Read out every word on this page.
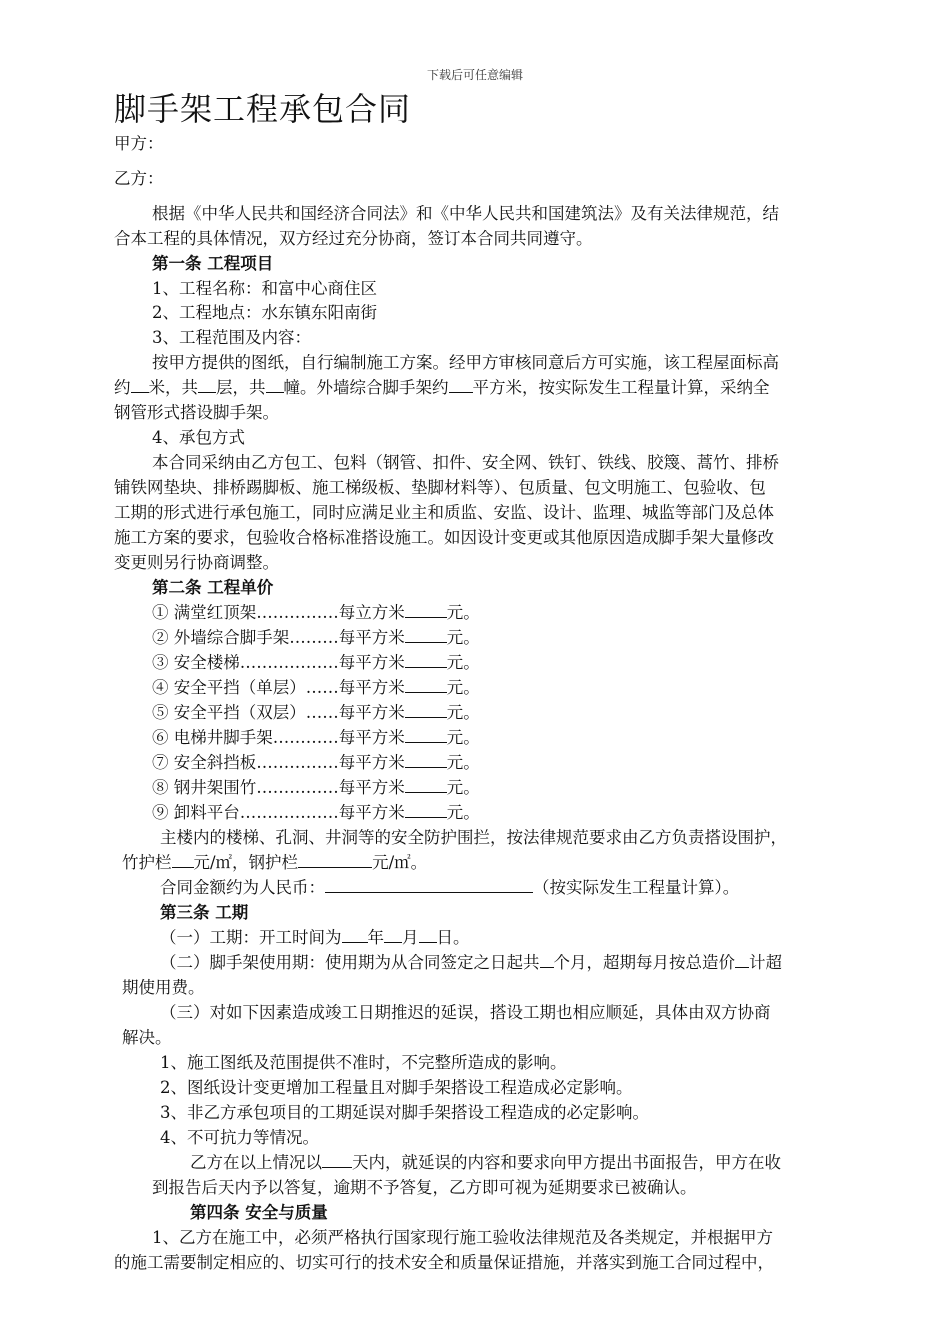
下载后可任意编辑
脚手架工程承包合同
甲方：
乙方：
根据《中华人民共和国经济合同法》和《中华人民共和国建筑法》及有关法律规范，结
合本工程的具体情况，双方经过充分协商，签订本合同共同遵守。
第一条 工程项目
1、工程名称：和富中心商住区
2、工程地点：水东镇东阳南街
3、工程范围及内容：
按甲方提供的图纸，自行编制施工方案。经甲方审核同意后方可实施，该工程屋面标高
约 米，共 层，共 幢。外墙综合脚手架约 平方米，按实际发生工程量计算，采纳全
钢管形式搭设脚手架。
4、承包方式
本合同采纳由乙方包工、包料（钢管、扣件、安全网、铁钉、铁线、胶篾、蒿竹、排桥
铺铁网垫块、排桥踢脚板、施工梯级板、垫脚材料等）、包质量、包文明施工、包验收、包
工期的形式进行承包施工，同时应满足业主和质监、安监、设计、监理、城监等部门及总体
施工方案的要求，包验收合格标准搭设施工。如因设计变更或其他原因造成脚手架大量修改
变更则另行协商调整。
第二条 工程单价
① 满堂红顶架……………每立方米	元。
② 外墙综合脚手架………每平方米	元。
③ 安全楼梯………………每平方米	元。
④ 安全平挡（单层）……每平方米	元。
⑤ 安全平挡（双层）……每平方米	元。
⑥ 电梯井脚手架…………每平方米	元。
⑦ 安全斜挡板……………每平方米	元。
⑧ 钢井架围竹……………每平方米	元。
⑨ 卸料平台………………每平方米	元。
主楼内的楼梯、孔洞、井洞等的安全防护围拦，按法律规范要求由乙方负责搭设围护，
竹护栏 元/㎡，钢护栏	元/㎡。
合同金额约为人民币：	（按实际发生工程量计算）。
第三条 工期
（一）工期：开工时间为 年 月 日。
（二）脚手架使用期：使用期为从合同签定之日起共 个月，超期每月按总造价 计超
期使用费。
（三）对如下因素造成竣工日期推迟的延误，搭设工期也相应顺延，具体由双方协商
解决。
1、施工图纸及范围提供不准时，不完整所造成的影响。
2、图纸设计变更增加工程量且对脚手架搭设工程造成必定影响。
3、非乙方承包项目的工期延误对脚手架搭设工程造成的必定影响。
4、不可抗力等情况。
乙方在以上情况以 天内，就延误的内容和要求向甲方提出书面报告，甲方在收
到报告后天内予以答复，逾期不予答复，乙方即可视为延期要求已被确认。
第四条 安全与质量
1、乙方在施工中，必须严格执行国家现行施工验收法律规范及各类规定，并根据甲方
的施工需要制定相应的、切实可行的技术安全和质量保证措施，并落实到施工合同过程中，
